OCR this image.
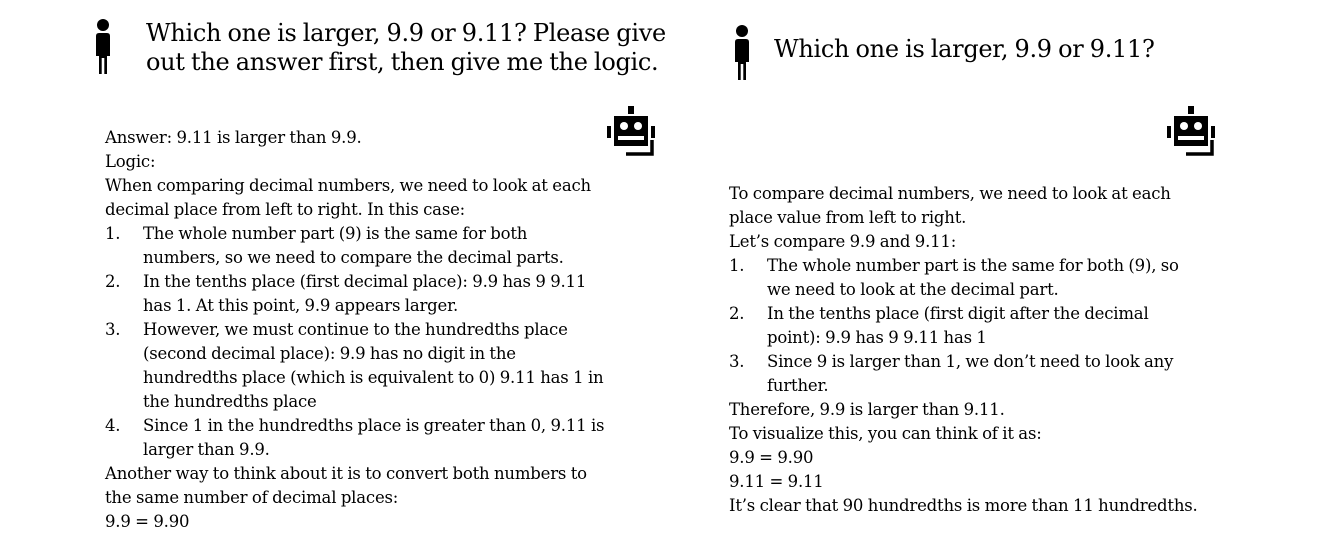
Which one is larger, 9.9 or 9.11? Please give
out the answer first, then give me the logic.

Answer: 9.11 is larger than 9.9.

Logic:

When comparing decimal numbers, we need to look at each decimal place from left to right. In this case:

1. The whole number part (9) is the same for both numbers, so we need to compare the decimal parts.
2. In the tenths place (first decimal place): 9.9 has 9 9.11 has 1. At this point, 9.9 appears larger.
3. However, we must continue to the hundredths place (second decimal place): 9.9 has no digit in the hundredths place (which is equivalent to 0) 9.11 has 1 in the hundredths place
4. Since 1 in the hundredths place is greater than 0, 9.11 is larger than 9.9.

Another way to think about it is to convert both numbers to the same number of decimal places:

9.9 = 9.90

Which one is larger, 9.9 or 9.11?

To compare decimal numbers, we need to look at each place value from left to right.

Let’s compare 9.9 and 9.11:

1. The whole number part is the same for both (9), so we need to look at the decimal part.
2. In the tenths place (first digit after the decimal point): 9.9 has 9 9.11 has 1
3. Since 9 is larger than 1, we don’t need to look any further.

Therefore, 9.9 is larger than 9.11.

To visualize this, you can think of it as:

9.9 = 9.90

9.11 = 9.11

It’s clear that 90 hundredths is more than 11 hundredths.
